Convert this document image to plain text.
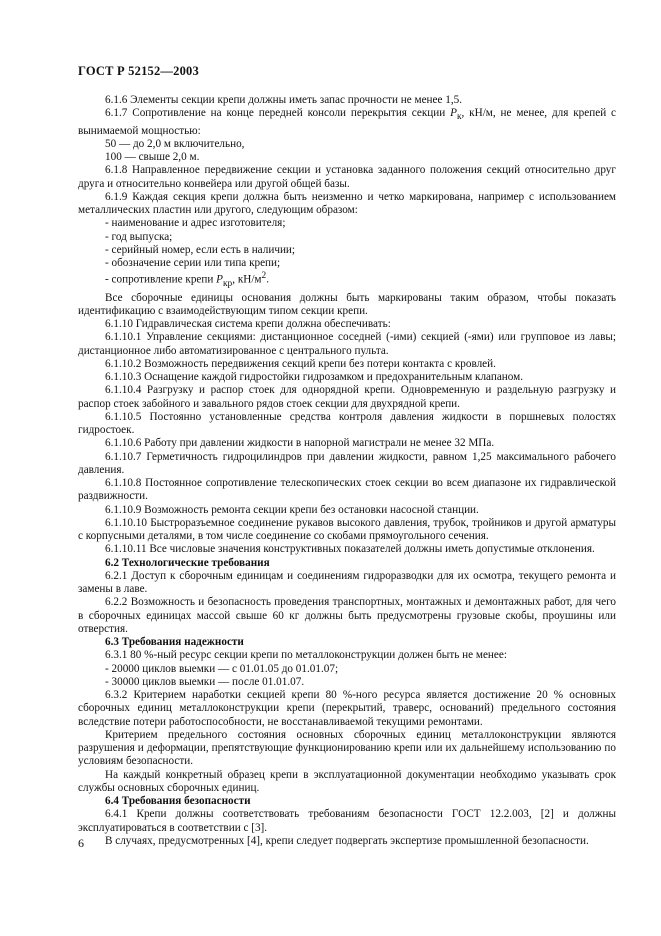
ГОСТ Р 52152—2003

6.1.6 Элементы секции крепи должны иметь запас прочности не менее 1,5.

6.1.7 Сопротивление на конце передней консоли перекрытия секции $P_к$, кН/м, не менее, для крепей с вынимаемой мощностью:

50 — до 2,0 м включительно,

100 — свыше 2,0 м.

6.1.8 Направленное передвижение секции и установка заданного положения секций относительно друг друга и относительно конвейера или другой общей базы.

6.1.9 Каждая секция крепи должна быть неизменно и четко маркирована, например с использованием металлических пластин или другого, следующим образом:

- наименование и адрес изготовителя;

- год выпуска;

- серийный номер, если есть в наличии;

- обозначение серии или типа крепи;

- сопротивление крепи $P_{кр}$, $кН/м^2$.

Все сборочные единицы основания должны быть маркированы таким образом, чтобы показать идентификацию с взаимодействующим типом секции крепи.

6.1.10 Гидравлическая система крепи должна обеспечивать:

6.1.10.1 Управление секциями: дистанционное соседней (-ими) секцией (-ями) или групповое из лавы; дистанционное либо автоматизированное с центрального пульта.

6.1.10.2 Возможность передвижения секций крепи без потери контакта с кровлей.

6.1.10.3 Оснащение каждой гидростойки гидрозамком и предохранительным клапаном.

6.1.10.4 Разгрузку и распор стоек для однорядной крепи. Одновременную и раздельную разгрузку и распор стоек забойного и завального рядов стоек секции для двухрядной крепи.

6.1.10.5 Постоянно установленные средства контроля давления жидкости в поршневых полостях гидростоек.

6.1.10.6 Работу при давлении жидкости в напорной магистрали не менее 32 МПа.

6.1.10.7 Герметичность гидроцилиндров при давлении жидкости, равном 1,25 максимального рабочего давления.

6.1.10.8 Постоянное сопротивление телескопических стоек секции во всем диапазоне их гидравлической раздвижности.

6.1.10.9 Возможность ремонта секции крепи без остановки насосной станции.

6.1.10.10 Быстроразъемное соединение рукавов высокого давления, трубок, тройников и другой арматуры с корпусными деталями, в том числе соединение со скобами прямоугольного сечения.

6.1.10.11 Все числовые значения конструктивных показателей должны иметь допустимые отклонения.

6.2 Технологические требования

6.2.1 Доступ к сборочным единицам и соединениям гидроразводки для их осмотра, текущего ремонта и замены в лаве.

6.2.2 Возможность и безопасность проведения транспортных, монтажных и демонтажных работ, для чего в сборочных единицах массой свыше 60 кг должны быть предусмотрены грузовые скобы, проушины или отверстия.

6.3 Требования надежности

6.3.1 80 %-ный ресурс секции крепи по металлоконструкции должен быть не менее:

- 20000 циклов выемки — с 01.01.05 до 01.01.07;

- 30000 циклов выемки — после 01.01.07.

6.3.2 Критерием наработки секцией крепи 80 %-ного ресурса является достижение 20 % основных сборочных единиц металлоконструкции крепи (перекрытий, траверс, оснований) предельного состояния вследствие потери работоспособности, не восстанавливаемой текущими ремонтами.

Критерием предельного состояния основных сборочных единиц металлоконструкции являются разрушения и деформации, препятствующие функционированию крепи или их дальнейшему использованию по условиям безопасности.

На каждый конкретный образец крепи в эксплуатационной документации необходимо указывать срок службы основных сборочных единиц.

6.4 Требования безопасности

6.4.1 Крепи должны соответствовать требованиям безопасности ГОСТ 12.2.003, [2] и должны эксплуатироваться в соответствии с [3].

В случаях, предусмотренных [4], крепи следует подвергать экспертизе промышленной безопасности.

6
